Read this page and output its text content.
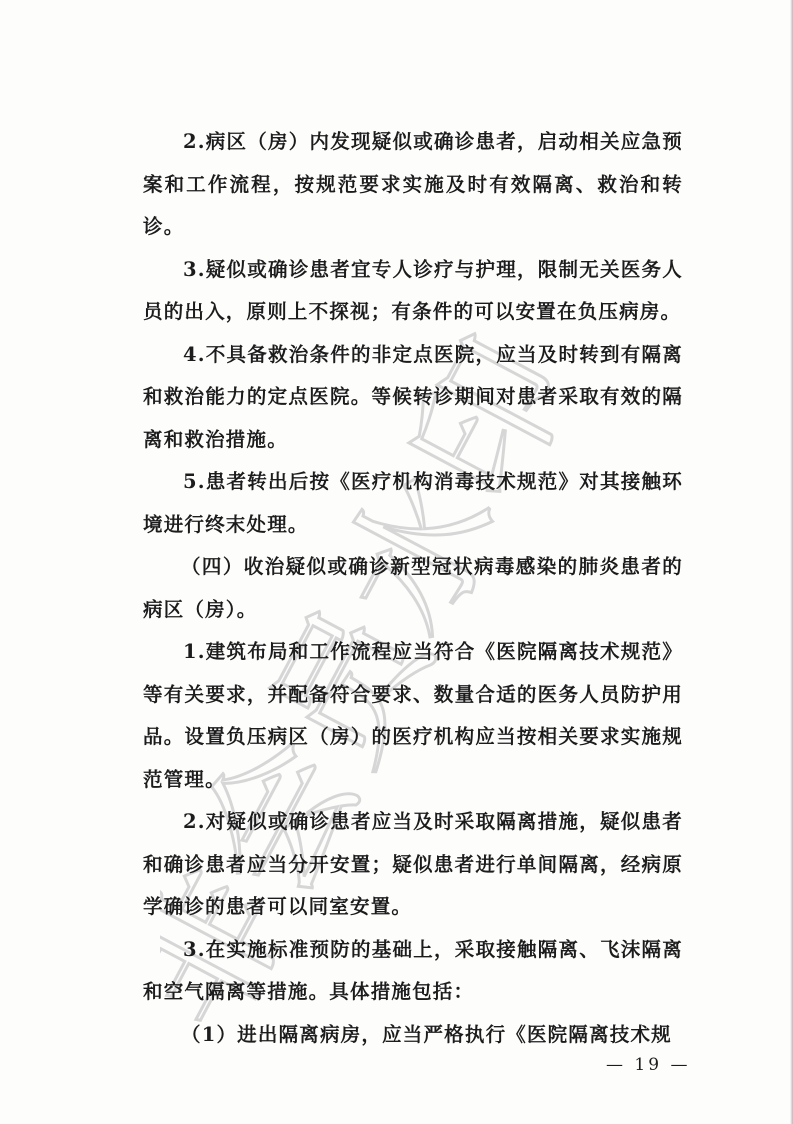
非会员水印

2.病区（房）内发现疑似或确诊患者，启动相关应急预案和工作流程，按规范要求实施及时有效隔离、救治和转诊。

3.疑似或确诊患者宜专人诊疗与护理，限制无关医务人员的出入，原则上不探视；有条件的可以安置在负压病房。

4.不具备救治条件的非定点医院，应当及时转到有隔离和救治能力的定点医院。等候转诊期间对患者采取有效的隔离和救治措施。

5.患者转出后按《医疗机构消毒技术规范》对其接触环境进行终末处理。

（四）收治疑似或确诊新型冠状病毒感染的肺炎患者的病区（房）。

1.建筑布局和工作流程应当符合《医院隔离技术规范》等有关要求，并配备符合要求、数量合适的医务人员防护用品。设置负压病区（房）的医疗机构应当按相关要求实施规范管理。

2.对疑似或确诊患者应当及时采取隔离措施，疑似患者和确诊患者应当分开安置；疑似患者进行单间隔离，经病原学确诊的患者可以同室安置。

3.在实施标准预防的基础上，采取接触隔离、飞沫隔离和空气隔离等措施。具体措施包括：

（1）进出隔离病房，应当严格执行《医院隔离技术规

— 19 —
